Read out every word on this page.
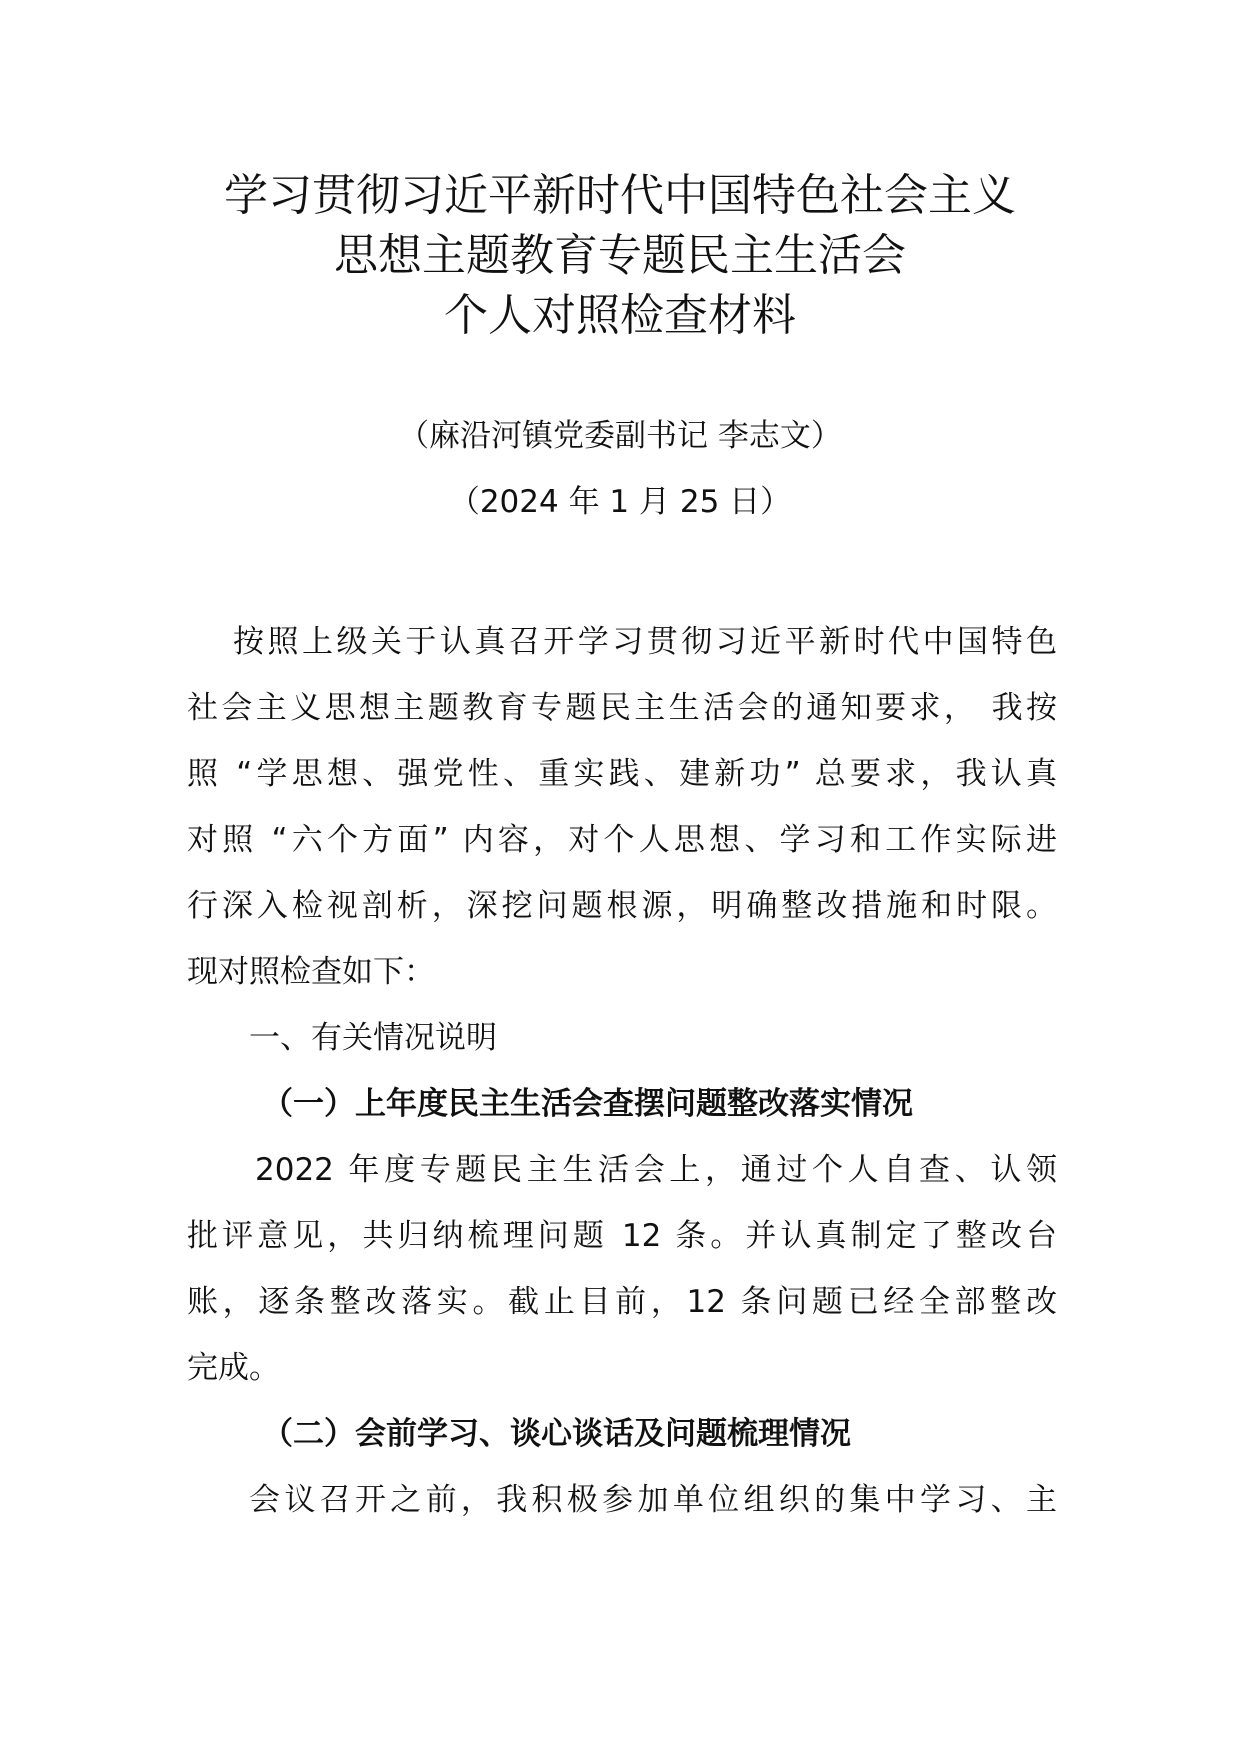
学习贯彻习近平新时代中国特色社会主义
思想主题教育专题民主生活会
个人对照检查材料
（麻沿河镇党委副书记 李志文）
（2024 年 1 月 25 日）
按照上级关于认真召开学习贯彻习近平新时代中国特色
社会主义思想主题教育专题民主生活会的通知要求， 我按
照 “学思想、强党性、重实践、建新功” 总要求，我认真
对照 “六个方面” 内容，对个人思想、学习和工作实际进
行深入检视剖析，深挖问题根源，明确整改措施和时限。
现对照检查如下：
一、有关情况说明
（一）上年度民主生活会查摆问题整改落实情况
2022 年度专题民主生活会上，通过个人自查、认领
批评意见，共归纳梳理问题 12 条。并认真制定了整改台
账，逐条整改落实。截止目前，12 条问题已经全部整改
完成。
（二）会前学习、谈心谈话及问题梳理情况
会议召开之前，我积极参加单位组织的集中学习、主
